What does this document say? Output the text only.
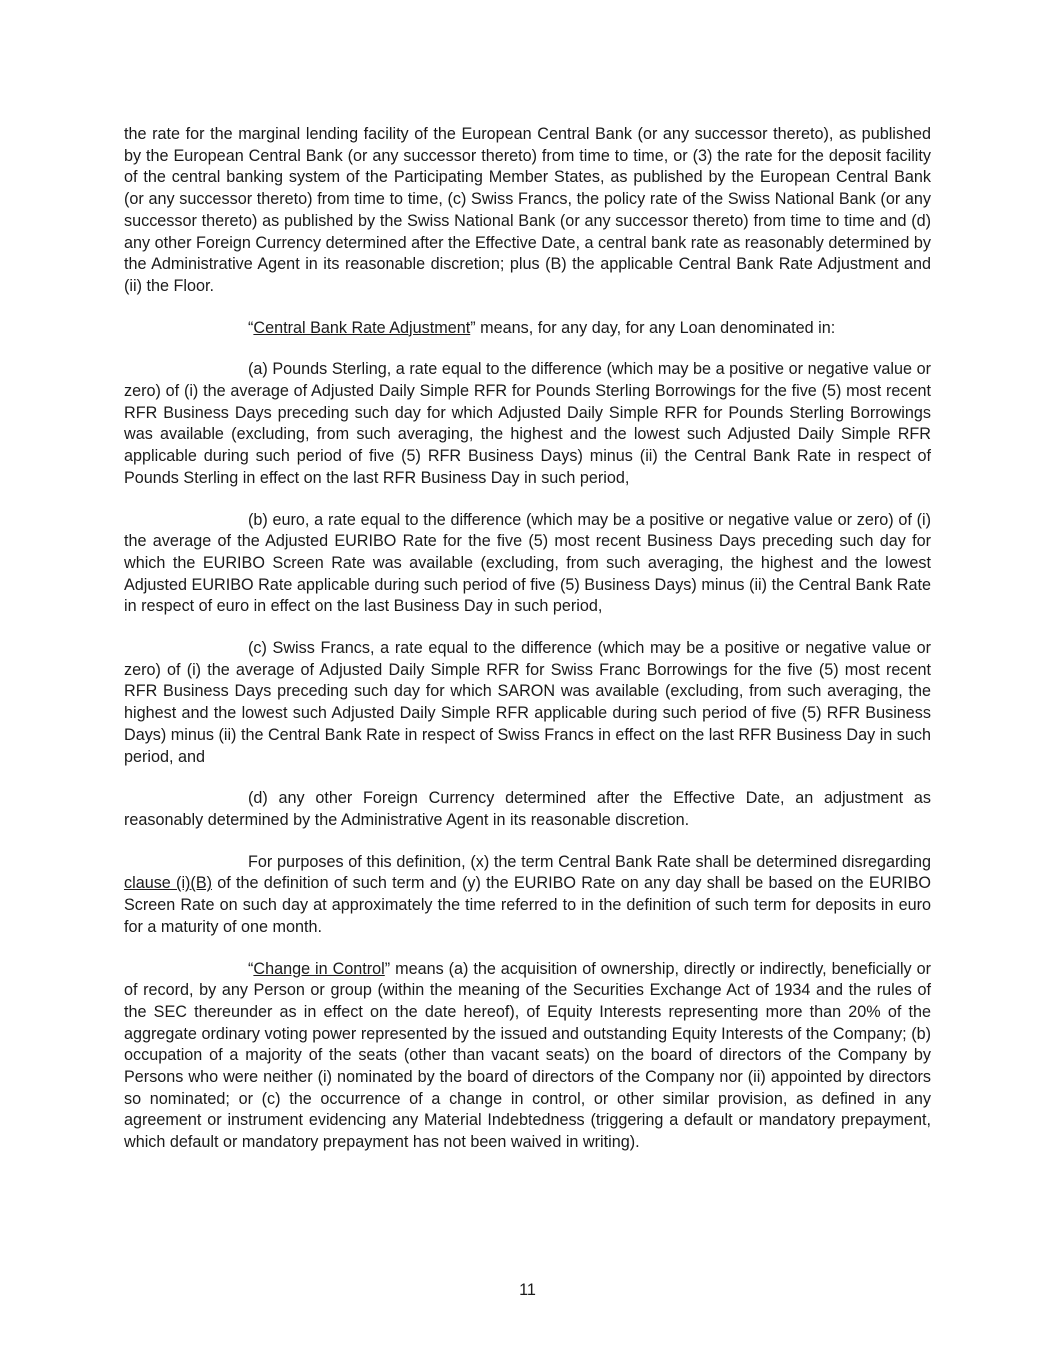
the rate for the marginal lending facility of the European Central Bank (or any successor thereto), as published by the European Central Bank (or any successor thereto) from time to time, or (3) the rate for the deposit facility of the central banking system of the Participating Member States, as published by the European Central Bank (or any successor thereto) from time to time, (c) Swiss Francs, the policy rate of the Swiss National Bank (or any successor thereto) as published by the Swiss National Bank (or any successor thereto) from time to time and (d) any other Foreign Currency determined after the Effective Date, a central bank rate as reasonably determined by the Administrative Agent in its reasonable discretion; plus (B) the applicable Central Bank Rate Adjustment and (ii) the Floor.

“Central Bank Rate Adjustment” means, for any day, for any Loan denominated in:

(a) Pounds Sterling, a rate equal to the difference (which may be a positive or negative value or zero) of (i) the average of Adjusted Daily Simple RFR for Pounds Sterling Borrowings for the five (5) most recent RFR Business Days preceding such day for which Adjusted Daily Simple RFR for Pounds Sterling Borrowings was available (excluding, from such averaging, the highest and the lowest such Adjusted Daily Simple RFR applicable during such period of five (5) RFR Business Days) minus (ii) the Central Bank Rate in respect of Pounds Sterling in effect on the last RFR Business Day in such period,

(b) euro, a rate equal to the difference (which may be a positive or negative value or zero) of (i) the average of the Adjusted EURIBO Rate for the five (5) most recent Business Days preceding such day for which the EURIBO Screen Rate was available (excluding, from such averaging, the highest and the lowest Adjusted EURIBO Rate applicable during such period of five (5) Business Days) minus (ii) the Central Bank Rate in respect of euro in effect on the last Business Day in such period,

(c) Swiss Francs, a rate equal to the difference (which may be a positive or negative value or zero) of (i) the average of Adjusted Daily Simple RFR for Swiss Franc Borrowings for the five (5) most recent RFR Business Days preceding such day for which SARON was available (excluding, from such averaging, the highest and the lowest such Adjusted Daily Simple RFR applicable during such period of five (5) RFR Business Days) minus (ii) the Central Bank Rate in respect of Swiss Francs in effect on the last RFR Business Day in such period, and

(d) any other Foreign Currency determined after the Effective Date, an adjustment as reasonably determined by the Administrative Agent in its reasonable discretion.

For purposes of this definition, (x) the term Central Bank Rate shall be determined disregarding clause (i)(B) of the definition of such term and (y) the EURIBO Rate on any day shall be based on the EURIBO Screen Rate on such day at approximately the time referred to in the definition of such term for deposits in euro for a maturity of one month.

“Change in Control” means (a) the acquisition of ownership, directly or indirectly, beneficially or of record, by any Person or group (within the meaning of the Securities Exchange Act of 1934 and the rules of the SEC thereunder as in effect on the date hereof), of Equity Interests representing more than 20% of the aggregate ordinary voting power represented by the issued and outstanding Equity Interests of the Company; (b) occupation of a majority of the seats (other than vacant seats) on the board of directors of the Company by Persons who were neither (i) nominated by the board of directors of the Company nor (ii) appointed by directors so nominated; or (c) the occurrence of a change in control, or other similar provision, as defined in any agreement or instrument evidencing any Material Indebtedness (triggering a default or mandatory prepayment, which default or mandatory prepayment has not been waived in writing).

11
